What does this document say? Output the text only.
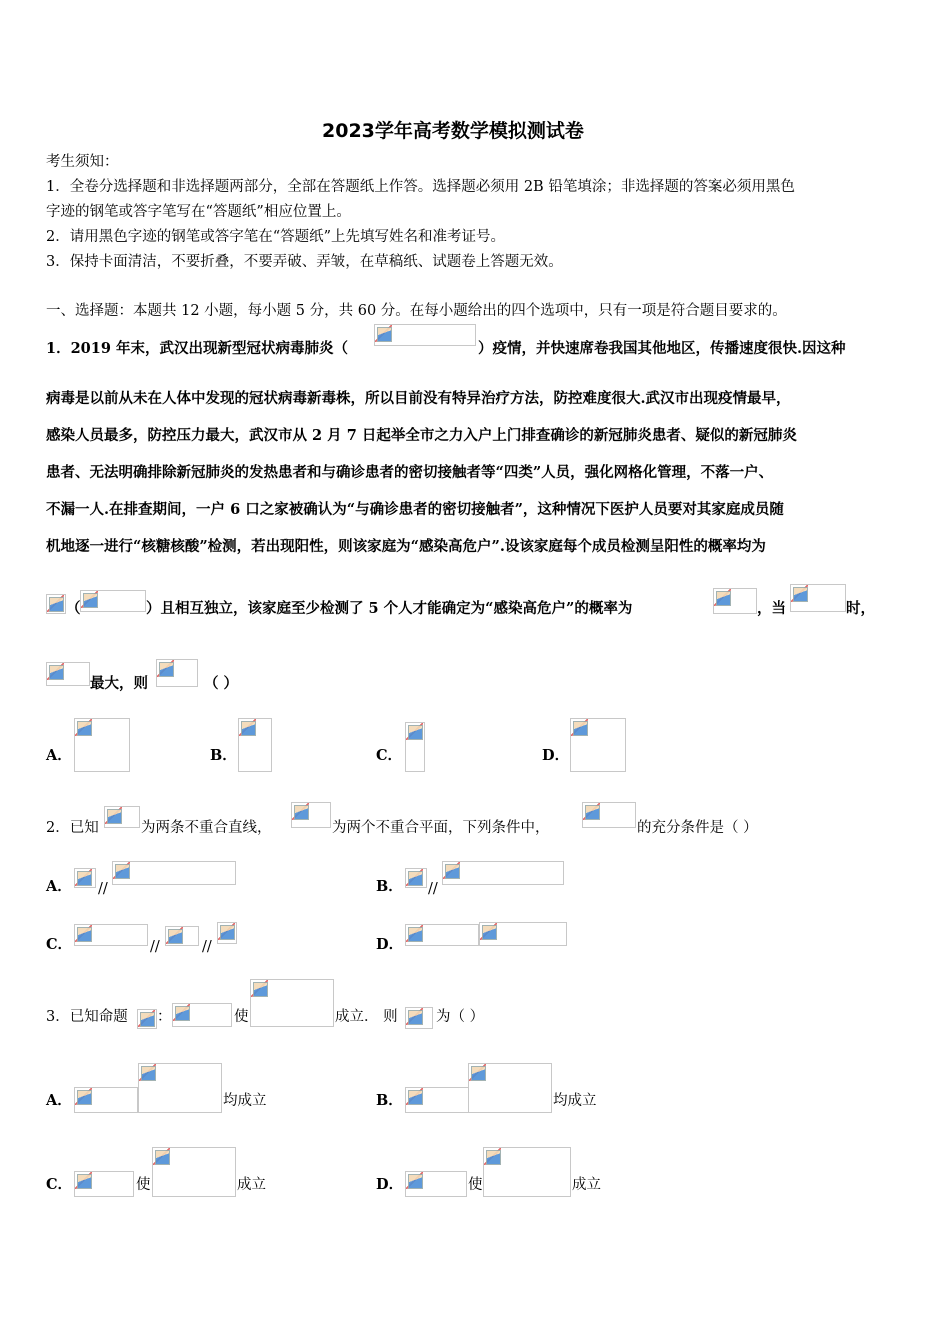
2023学年高考数学模拟测试卷
考生须知：
1．全卷分选择题和非选择题两部分，全部在答题纸上作答。选择题必须用 2B 铅笔填涂；非选择题的答案必须用黑色
字迹的钢笔或答字笔写在“答题纸”相应位置上。
2．请用黑色字迹的钢笔或答字笔在“答题纸”上先填写姓名和准考证号。
3．保持卡面清洁，不要折叠，不要弄破、弄皱，在草稿纸、试题卷上答题无效。
一、选择题：本题共 12 小题，每小题 5 分，共 60 分。在每小题给出的四个选项中，只有一项是符合题目要求的。
1．2019 年末，武汉出现新型冠状病毒肺炎（	）疫情，并快速席卷我国其他地区，传播速度很快.因这种
病毒是以前从未在人体中发现的冠状病毒新毒株，所以目前没有特异治疗方法，防控难度很大.武汉市出现疫情最早，
感染人员最多，防控压力最大，武汉市从 2 月 7 日起举全市之力入户上门排查确诊的新冠肺炎患者、疑似的新冠肺炎
患者、无法明确排除新冠肺炎的发热患者和与确诊患者的密切接触者等“四类”人员，强化网格化管理，不落一户、
不漏一人.在排查期间，一户 6 口之家被确认为“与确诊患者的密切接触者”，这种情况下医护人员要对其家庭成员随
机地逐一进行“核糖核酸”检测，若出现阳性，则该家庭为“感染高危户”.设该家庭每个成员检测呈阳性的概率均为
（	）且相互独立，该家庭至少检测了 5 个人才能确定为“感染高危户”的概率为	，当	时，
最大，则	（ ）
A．	B．	C．	D．
2．已知	为两条不重合直线，	为两个不重合平面，下列条件中，	的充分条件是（ ）
A． //	B． //
C．	//	//	D．
3．已知命题 ：	使	成立． 则	为（ ）
A．	均成立	B．	均成立
C．	使	成立	D．	使	成立
